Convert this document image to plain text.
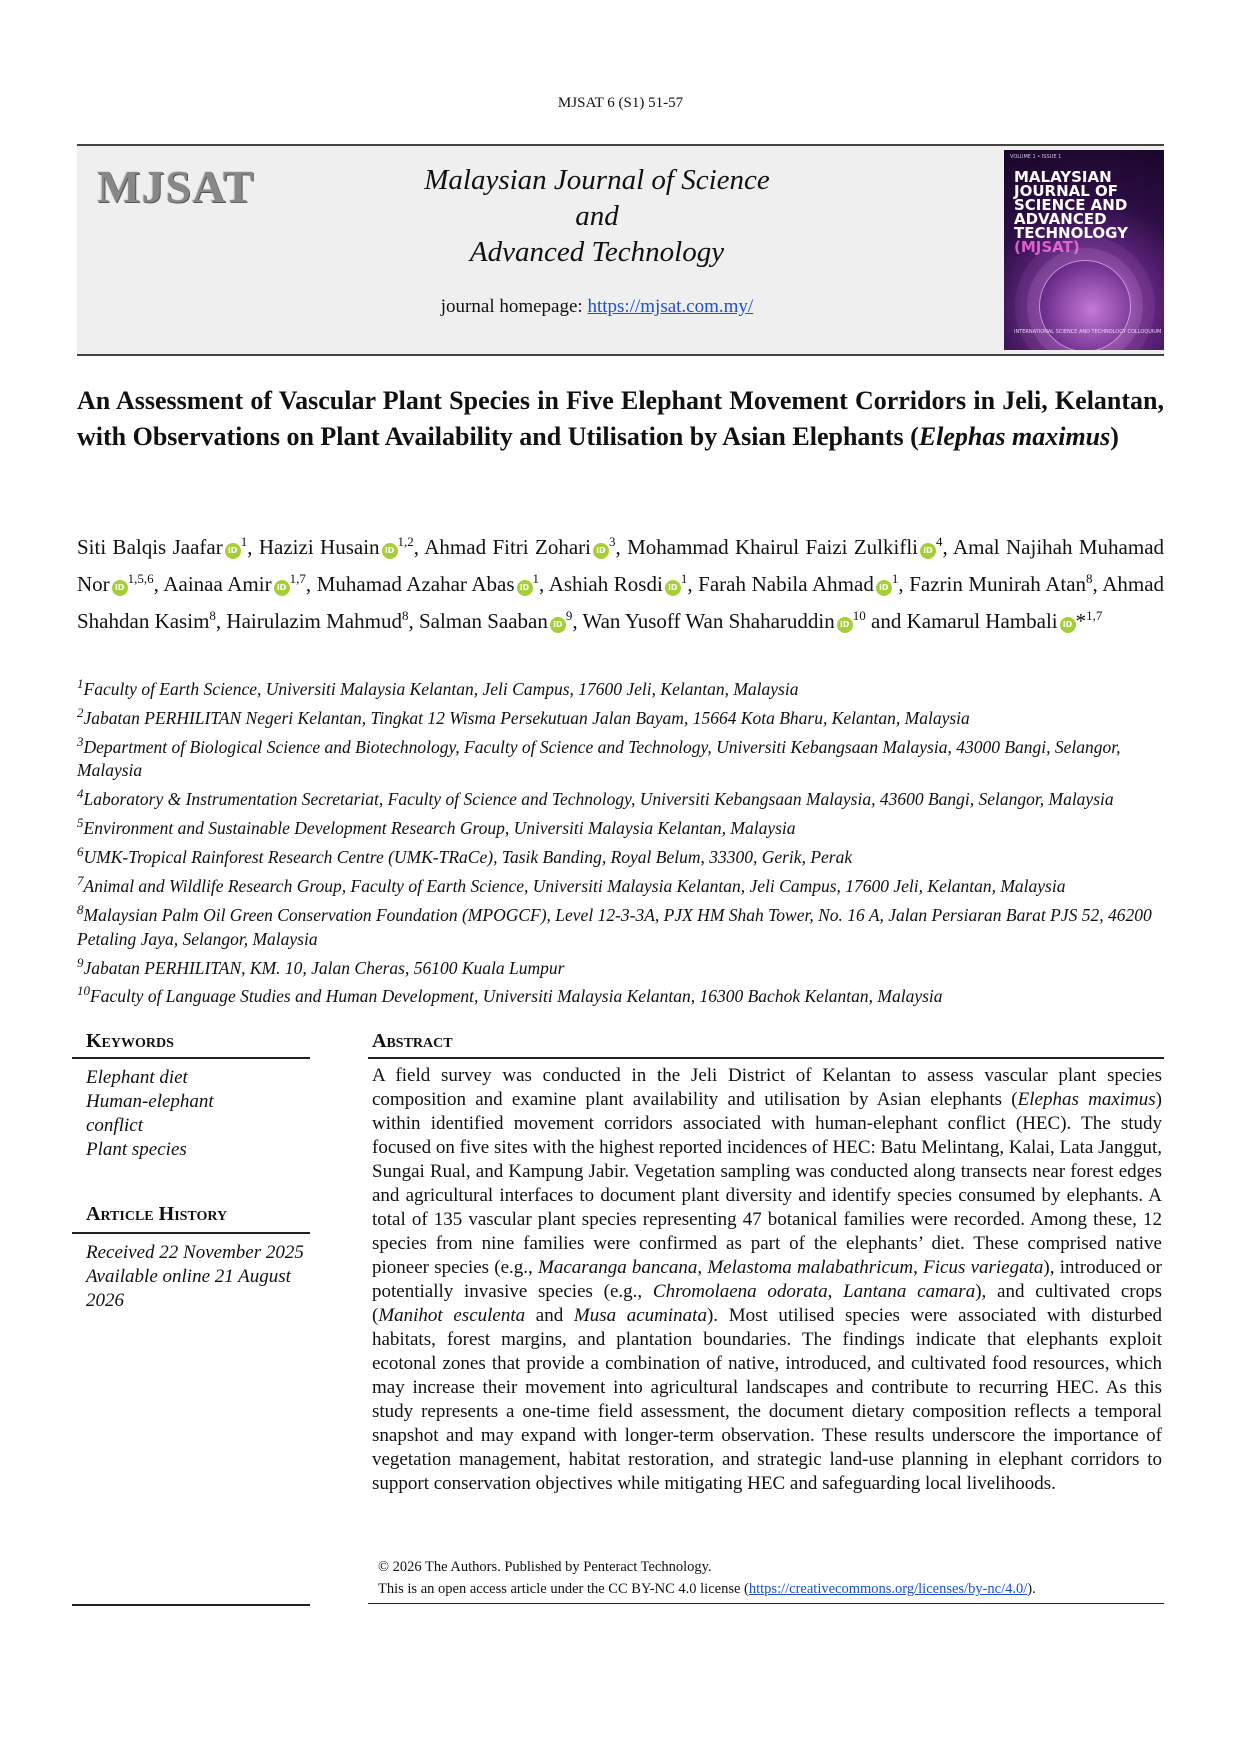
MJSAT 6 (S1) 51-57
MJSAT	Malaysian Journal of Science
and
Advanced Technology
journal homepage: https://mjsat.com.my/
VOLUME 1 • ISSUE 1
MALAYSIAN JOURNAL OF SCIENCE AND ADVANCED TECHNOLOGY
(MJSAT)
INTERNATIONAL SCIENCE AND TECHNOLOGY COLLOQUIUM
An Assessment of Vascular Plant Species in Five Elephant Movement Corridors in Jeli, Kelantan, with Observations on Plant Availability and Utilisation by Asian Elephants (Elephas maximus)
Siti Balqis Jaafar $iD^1$, Hazizi Husain iD$^{1,2}$, Ahmad Fitri Zohari $iD^3$, Mohammad Khairul Faizi Zulkifli $iD^4$, Amal Najihah Muhamad Nor iD$^{1,5,6}$, Aainaa Amir iD$^{1,7}$, Muhamad Azahar Abas $iD^1$, Ashiah Rosdi $iD^1$, Farah Nabila Ahmad $iD^1$, Fazrin Munirah Atan$^8$, Ahmad Shahdan Kasim$^8$, Hairulazim Mahmud$^8$, Salman Saaban $iD^9$, Wan Yusoff Wan Shaharuddin $iD^{10}$ and Kamarul Hambali iD *$^{1,7}$
$^1$Faculty of Earth Science, Universiti Malaysia Kelantan, Jeli Campus, 17600 Jeli, Kelantan, Malaysia
$^2$Jabatan PERHILITAN Negeri Kelantan, Tingkat 12 Wisma Persekutuan Jalan Bayam, 15664 Kota Bharu, Kelantan, Malaysia
$^3$Department of Biological Science and Biotechnology, Faculty of Science and Technology, Universiti Kebangsaan Malaysia, 43000 Bangi, Selangor, Malaysia
$^4$Laboratory & Instrumentation Secretariat, Faculty of Science and Technology, Universiti Kebangsaan Malaysia, 43600 Bangi, Selangor, Malaysia
$^5$Environment and Sustainable Development Research Group, Universiti Malaysia Kelantan, Malaysia
$^6$UMK-Tropical Rainforest Research Centre (UMK-TRaCe), Tasik Banding, Royal Belum, 33300, Gerik, Perak
$^7$Animal and Wildlife Research Group, Faculty of Earth Science, Universiti Malaysia Kelantan, Jeli Campus, 17600 Jeli, Kelantan, Malaysia
$^8$Malaysian Palm Oil Green Conservation Foundation (MPOGCF), Level 12-3-3A, PJX HM Shah Tower, No. 16 A, Jalan Persiaran Barat PJS 52, 46200 Petaling Jaya, Selangor, Malaysia
$^9$Jabatan PERHILITAN, KM. 10, Jalan Cheras, 56100 Kuala Lumpur
$^{10}$Faculty of Language Studies and Human Development, Universiti Malaysia Kelantan, 16300 Bachok Kelantan, Malaysia
Keywords
Elephant diet
Human-elephant
conflict
Plant species
Article History
Received 22 November 2025
Available online 21 August
2026
Abstract
A field survey was conducted in the Jeli District of Kelantan to assess vascular plant species composition and examine plant availability and utilisation by Asian elephants (Elephas maximus) within identified movement corridors associated with human-elephant conflict (HEC). The study focused on five sites with the highest reported incidences of HEC: Batu Melintang, Kalai, Lata Janggut, Sungai Rual, and Kampung Jabir. Vegetation sampling was conducted along transects near forest edges and agricultural interfaces to document plant diversity and identify species consumed by elephants. A total of 135 vascular plant species representing 47 botanical families were recorded. Among these, 12 species from nine families were confirmed as part of the elephants’ diet. These comprised native pioneer species (e.g., Macaranga bancana, Melastoma malabathricum, Ficus variegata), introduced or potentially invasive species (e.g., Chromolaena odorata, Lantana camara), and cultivated crops (Manihot esculenta and Musa acuminata). Most utilised species were associated with disturbed habitats, forest margins, and plantation boundaries. The findings indicate that elephants exploit ecotonal zones that provide a combination of native, introduced, and cultivated food resources, which may increase their movement into agricultural landscapes and contribute to recurring HEC. As this study represents a one-time field assessment, the document dietary composition reflects a temporal snapshot and may expand with longer-term observation. These results underscore the importance of vegetation management, habitat restoration, and strategic land-use planning in elephant corridors to support conservation objectives while mitigating HEC and safeguarding local livelihoods.
© 2026 The Authors. Published by Penteract Technology.
This is an open access article under the CC BY-NC 4.0 license (https://creativecommons.org/licenses/by-nc/4.0/).
